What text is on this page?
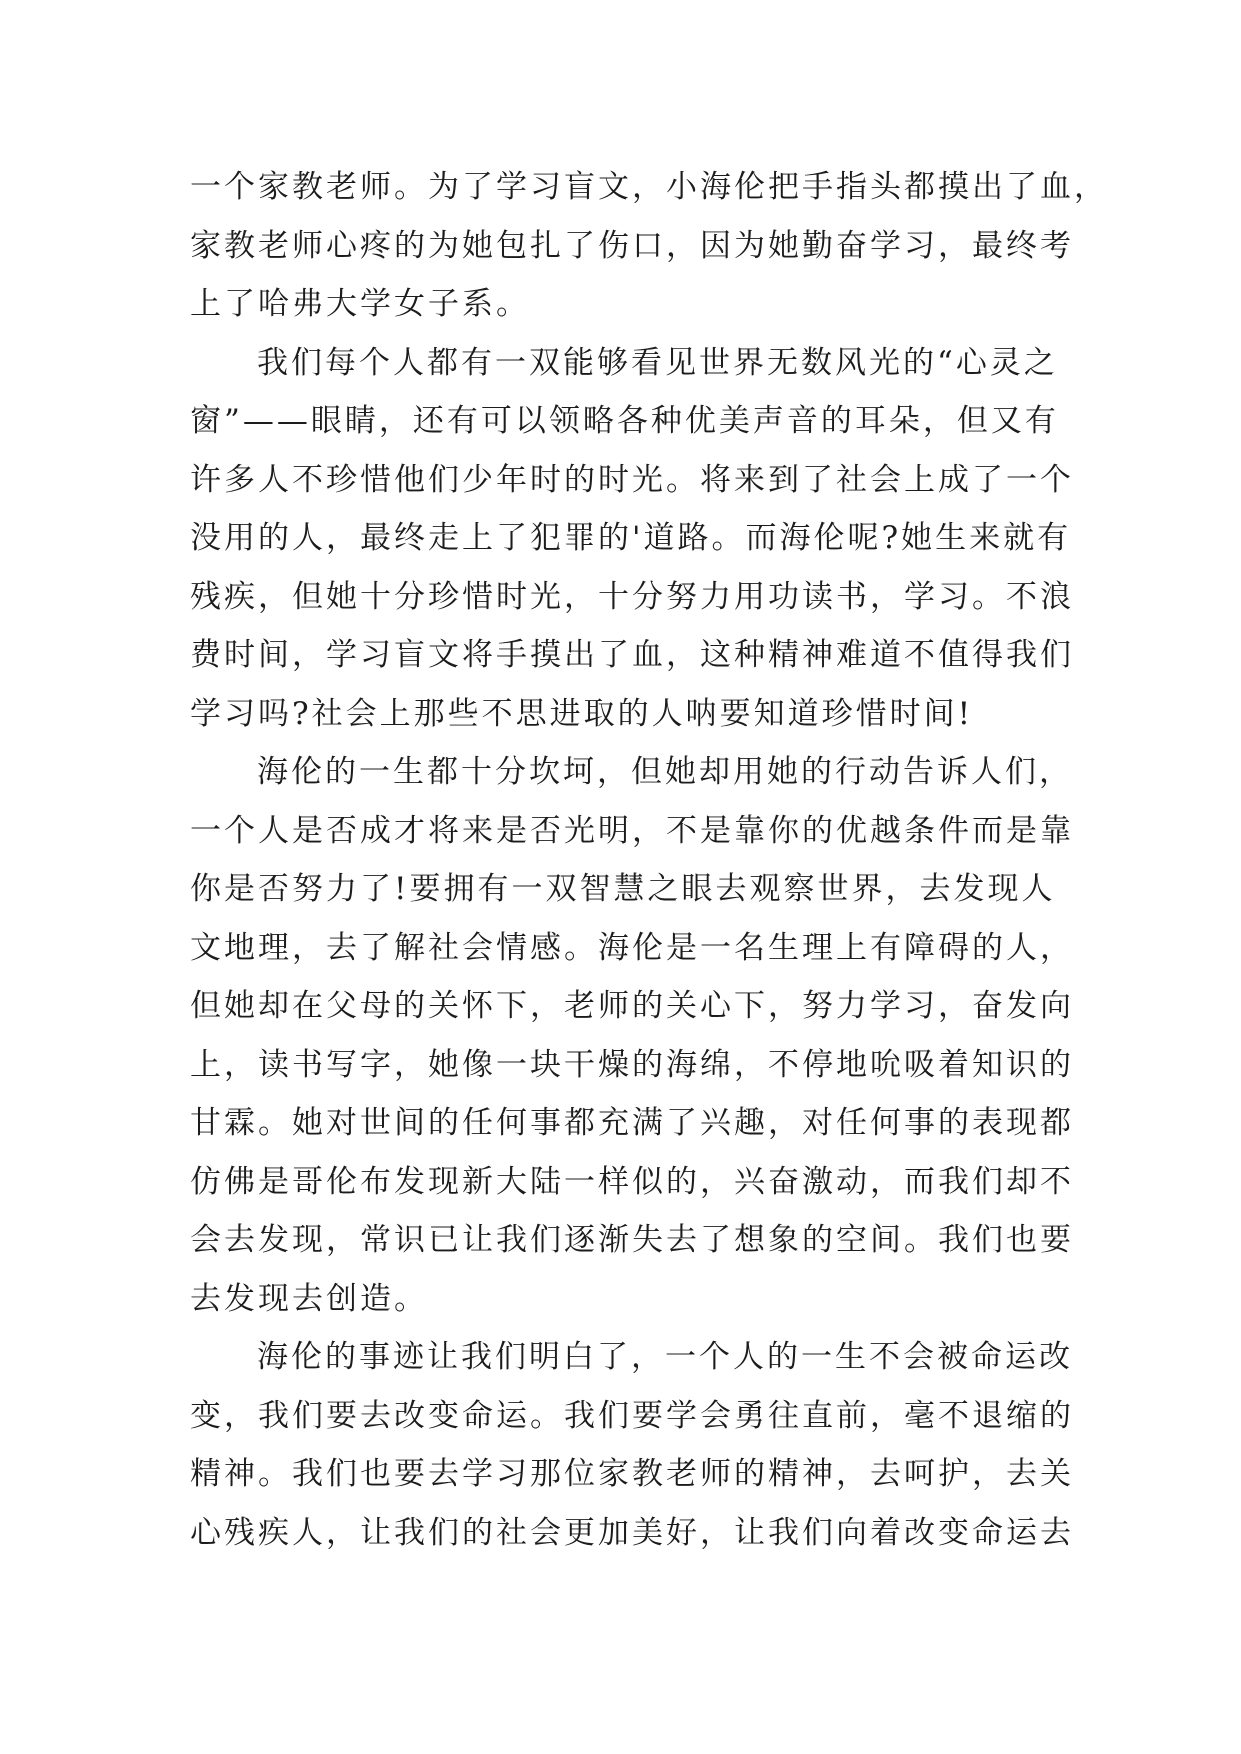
一个家教老师。为了学习盲文，小海伦把手指头都摸出了血，
家教老师心疼的为她包扎了伤口，因为她勤奋学习，最终考
上了哈弗大学女子系。
我们每个人都有一双能够看见世界无数风光的“心灵之
窗”——眼睛，还有可以领略各种优美声音的耳朵，但又有
许多人不珍惜他们少年时的时光。将来到了社会上成了一个
没用的人，最终走上了犯罪的'道路。而海伦呢?她生来就有
残疾，但她十分珍惜时光，十分努力用功读书，学习。不浪
费时间，学习盲文将手摸出了血，这种精神难道不值得我们
学习吗?社会上那些不思进取的人呐要知道珍惜时间!
海伦的一生都十分坎坷，但她却用她的行动告诉人们，
一个人是否成才将来是否光明，不是靠你的优越条件而是靠
你是否努力了!要拥有一双智慧之眼去观察世界，去发现人
文地理，去了解社会情感。海伦是一名生理上有障碍的人，
但她却在父母的关怀下，老师的关心下，努力学习，奋发向
上，读书写字，她像一块干燥的海绵，不停地吮吸着知识的
甘霖。她对世间的任何事都充满了兴趣，对任何事的表现都
仿佛是哥伦布发现新大陆一样似的，兴奋激动，而我们却不
会去发现，常识已让我们逐渐失去了想象的空间。我们也要
去发现去创造。
海伦的事迹让我们明白了，一个人的一生不会被命运改
变，我们要去改变命运。我们要学会勇往直前，毫不退缩的
精神。我们也要去学习那位家教老师的精神，去呵护，去关
心残疾人，让我们的社会更加美好，让我们向着改变命运去
